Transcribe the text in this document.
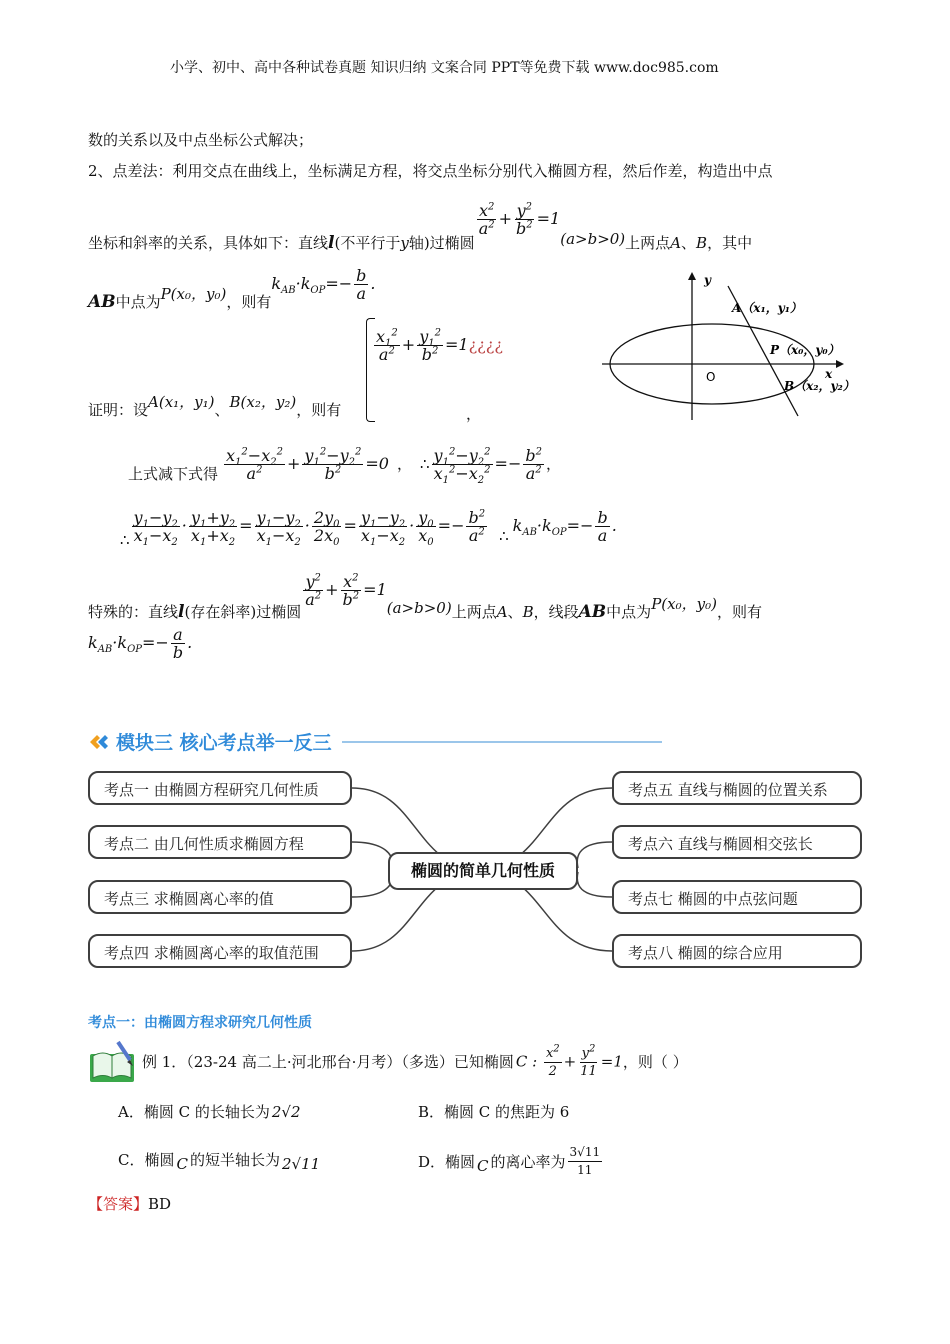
小学、初中、高中各种试卷真题 知识归纳 文案合同 PPT等免费下载 www.doc985.com
数的关系以及中点坐标公式解决；
2、点差法：利用交点在曲线上，坐标满足方程，将交点坐标分别代入椭圆方程，然后作差，构造出中点
坐标和斜率的关系，具体如下：直线 l (不平行于 y 轴)过椭圆
$\frac{x^2}{a^2} + \frac{y^2}{b^2} =1$
(a>b>0) 上两点 A 、 B ，其中
AB 中点为 P(x₀，y₀) ，则有
$k_{AB}\cdot k_{OP}=- \frac{b}{a}$ .	y
x
O
A（x₁，y₁）
P（x₀，y₀）
B（x₂，y₂）
$\frac{x_1^2}{a^2} + \frac{y_1^2}{b^2}$ =1¿¿¿¿
证明：设 A(x₁，y₁) 、 B(x₂，y₂) ，则有	，
上式减下式得 $\frac{x_1^2-x_2^2}{a^2} + \frac{y_1^2-y_2^2}{b^2} =0$ ， ∴ $\frac{y_1^2-y_2^2}{x_1^2-x_2^2} =- \frac{b^2}{a^2}$ ，
∴ $\frac{y_1-y_2}{x_1-x_2} \cdot \frac{y_1+y_2}{x_1+x_2} = \frac{y_1-y_2}{x_1-x_2} \cdot \frac{2y_0}{2x_0} = \frac{y_1-y_2}{x_1-x_2} \cdot \frac{y_0}{x_0} =- \frac{b^2}{a^2}$ ∴
$k_{AB}\cdot k_{OP}=- \frac{b}{a}$ .
特殊的：直线 l (存在斜率)过椭圆
$\frac{y^2}{a^2} + \frac{x^2}{b^2} =1$
(a>b>0) 上两点 A 、 B ，线段 AB 中点为 P(x₀，y₀) ，则有
$k_{AB}\cdot k_{OP}=- \frac{a}{b}$ .
模块三 核心考点举一反三
考点一 由椭圆方程研究几何性质
考点二 由几何性质求椭圆方程
考点三 求椭圆离心率的值
考点四 求椭圆离心率的取值范围
椭圆的简单几何性质
考点五 直线与椭圆的位置关系
考点六 直线与椭圆相交弦长
考点七 椭圆的中点弦问题
考点八 椭圆的综合应用
考点一：由椭圆方程求研究几何性质
例 1．（23-24 高二上·河北邢台·月考）（多选）已知椭圆 C : $\frac{x^2}{2} + \frac{y^2}{11} =1$ ，则（ ）
A．椭圆 C 的长轴长为 2√2	B．椭圆 C 的焦距为 6
C．椭圆 C 的短半轴长为 2√11	D．椭圆 C 的离心率为 $\frac{3√11}{11}$
【答案】BD
